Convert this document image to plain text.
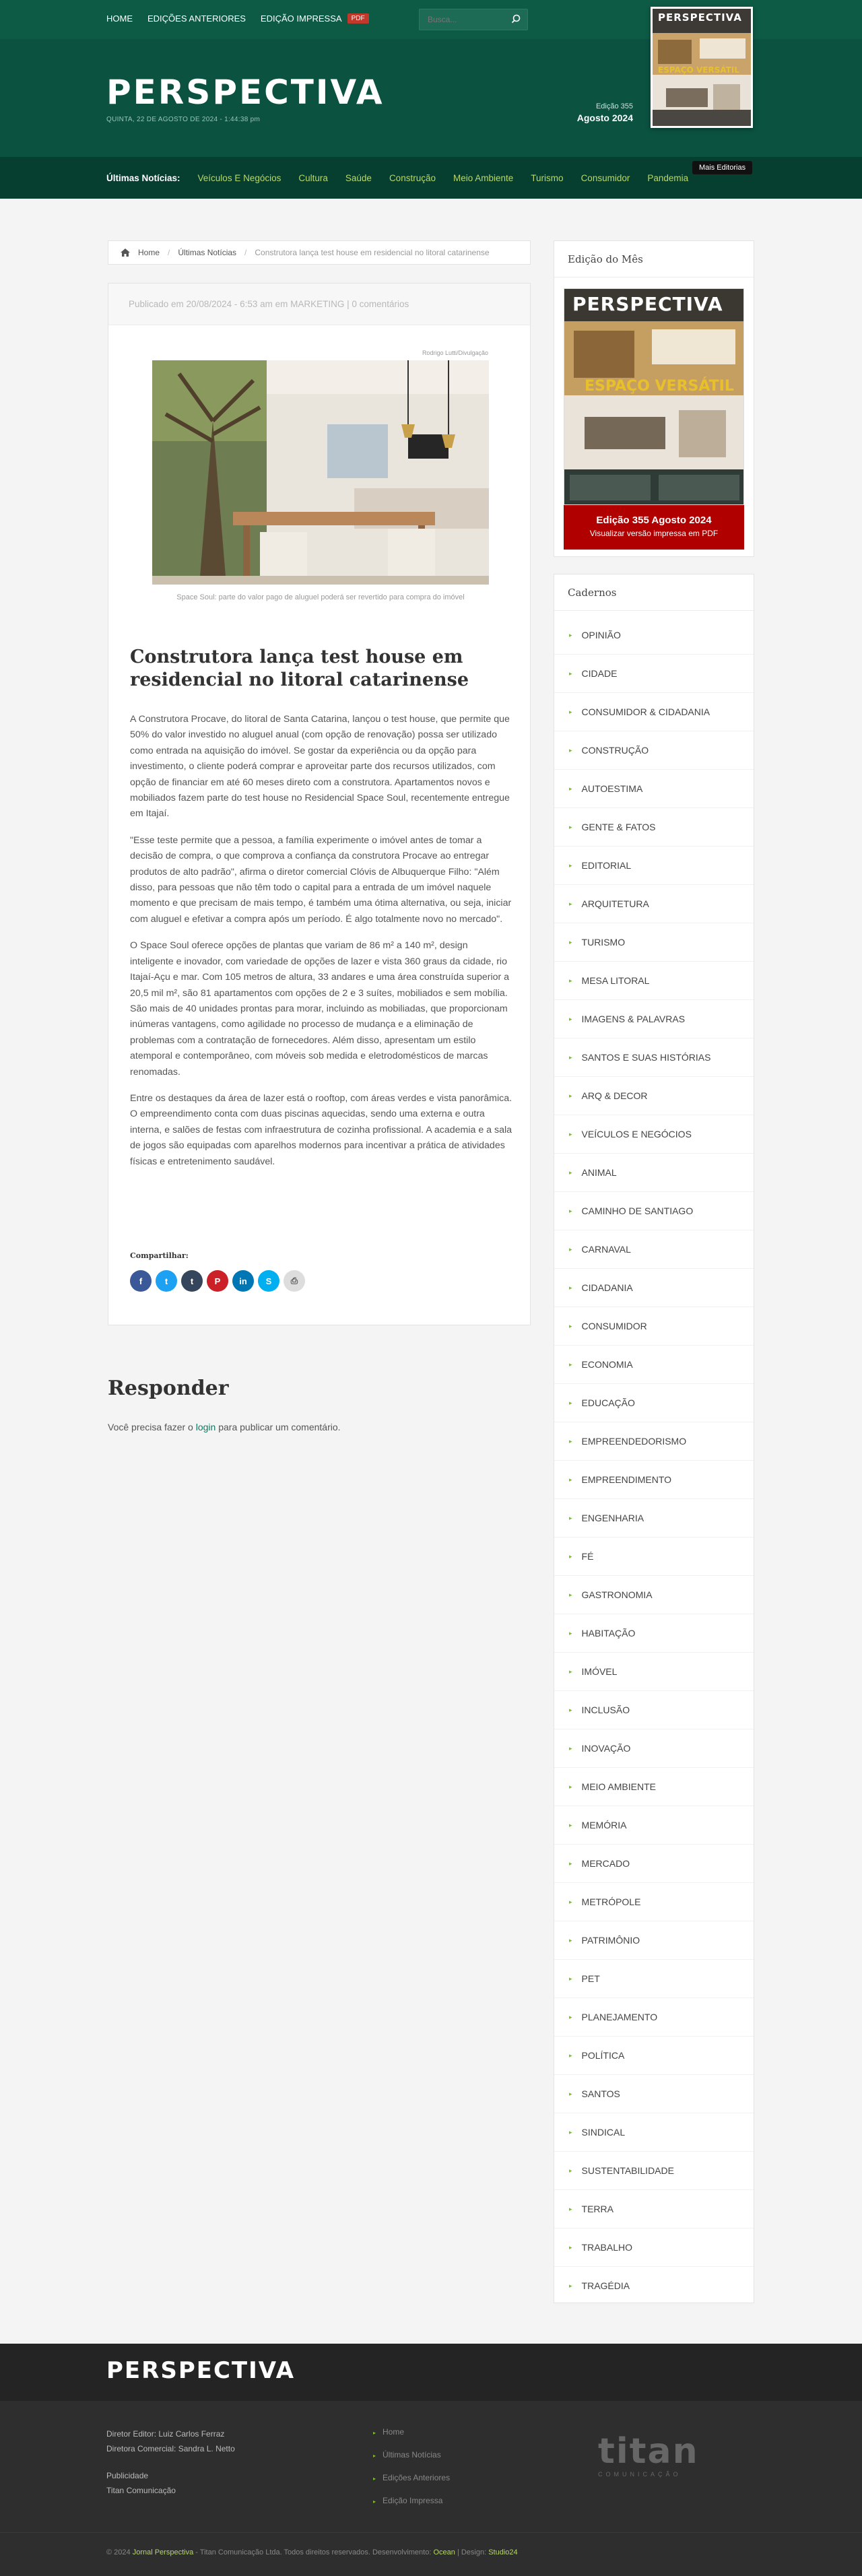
HOME EDIÇÕES ANTERIORES EDIÇÃO IMPRESSA	PDF
Busca...
PERSPECTIVA
QUINTA, 22 DE AGOSTO DE 2024 - 1:44:38 pm
Edição 355
Agosto 2024
PERSPECTIVA
ESPAÇO VERSÁTIL
Últimas Notícias: Veículos E Negócios Cultura Saúde Construção Meio Ambiente Turismo Consumidor Pandemia
Mais Editorias
Home / Últimas Notícias / Construtora lança test house em residencial no litoral catarinense
Publicado em 20/08/2024 - 6:53 am em MARKETING | 0 comentários
Rodrigo Lutti/Divulgação
Space Soul: parte do valor pago de aluguel poderá ser revertido para compra do imóvel
Construtora lança test house em residencial no litoral catarinense

A Construtora Procave, do litoral de Santa Catarina, lançou o test house, que permite que 50% do valor investido no aluguel anual (com opção de renovação) possa ser utilizado como entrada na aquisição do imóvel. Se gostar da experiência ou da opção para investimento, o cliente poderá comprar e aproveitar parte dos recursos utilizados, com opção de financiar em até 60 meses direto com a construtora. Apartamentos novos e mobiliados fazem parte do test house no Residencial Space Soul, recentemente entregue em Itajaí.

"Esse teste permite que a pessoa, a família experimente o imóvel antes de tomar a decisão de compra, o que comprova a confiança da construtora Procave ao entregar produtos de alto padrão", afirma o diretor comercial Clóvis de Albuquerque Filho: "Além disso, para pessoas que não têm todo o capital para a entrada de um imóvel naquele momento e que precisam de mais tempo, é também uma ótima alternativa, ou seja, iniciar com aluguel e efetivar a compra após um período. É algo totalmente novo no mercado".

O Space Soul oferece opções de plantas que variam de 86 m² a 140 m², design inteligente e inovador, com variedade de opções de lazer e vista 360 graus da cidade, rio Itajaí-Açu e mar. Com 105 metros de altura, 33 andares e uma área construída superior a 20,5 mil m², são 81 apartamentos com opções de 2 e 3 suítes, mobiliados e sem mobília. São mais de 40 unidades prontas para morar, incluindo as mobiliadas, que proporcionam inúmeras vantagens, como agilidade no processo de mudança e a eliminação de problemas com a contratação de fornecedores. Além disso, apresentam um estilo atemporal e contemporâneo, com móveis sob medida e eletrodomésticos de marcas renomadas.

Entre os destaques da área de lazer está o rooftop, com áreas verdes e vista panorâmica. O empreendimento conta com duas piscinas aquecidas, sendo uma externa e outra interna, e salões de festas com infraestrutura de cozinha profissional. A academia e a sala de jogos são equipadas com aparelhos modernos para incentivar a prática de atividades físicas e entretenimento saudável.

Compartilhar:
f	t	t P in S ⎙
Responder

Você precisa fazer o login para publicar um comentário.

Edição do Mês
PERSPECTIVA
ESPAÇO VERSÁTIL
Edição 355 Agosto 2024
Visualizar versão impressa em PDF
Cadernos
▸ OPINIÃO
▸ CIDADE
▸ CONSUMIDOR & CIDADANIA
▸ CONSTRUÇÃO
▸ AUTOESTIMA
▸ GENTE & FATOS
▸ EDITORIAL
▸ ARQUITETURA
▸ TURISMO
▸ MESA LITORAL
▸ IMAGENS & PALAVRAS
▸ SANTOS E SUAS HISTÓRIAS
▸ ARQ & DECOR
▸ VEÍCULOS E NEGÓCIOS
▸ ANIMAL
▸ CAMINHO DE SANTIAGO
▸ CARNAVAL
▸ CIDADANIA
▸ CONSUMIDOR
▸ ECONOMIA
▸ EDUCAÇÃO
▸ EMPREENDEDORISMO
▸ EMPREENDIMENTO
▸ ENGENHARIA
▸ FÉ
▸ GASTRONOMIA
▸ HABITAÇÃO
▸ IMÓVEL
▸ INCLUSÃO
▸ INOVAÇÃO
▸ MEIO AMBIENTE
▸ MEMÓRIA
▸ MERCADO
▸ METRÓPOLE
▸ PATRIMÔNIO
▸ PET
▸ PLANEJAMENTO
▸ POLÍTICA
▸ SANTOS
▸ SINDICAL
▸ SUSTENTABILIDADE
▸ TERRA
▸ TRABALHO
▸ TRAGÉDIA
PERSPECTIVA
Diretor Editor: Luiz Carlos Ferraz
Diretora Comercial: Sandra L. Netto
Publicidade
Titan Comunicação
▸ Home
▸ Últimas Notícias
▸ Edições Anteriores
▸ Edição Impressa
titan
COMUNICAÇÃO
© 2024 Jornal Perspectiva - Titan Comunicação Ltda. Todos direitos reservados. Desenvolvimento: Ocean | Design: Studio24
